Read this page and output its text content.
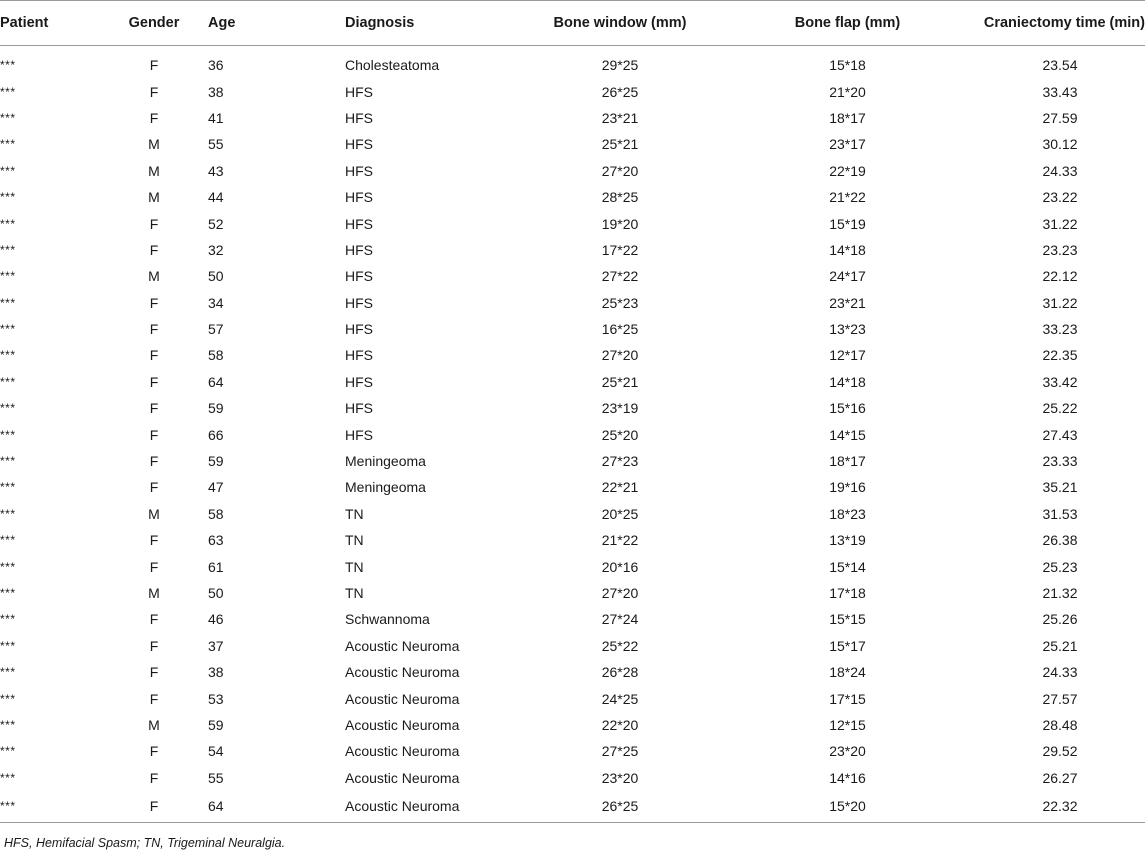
Patient	Gender	Age	Diagnosis	Bone window (mm)	Bone flap (mm)	Craniectomy time (min)
***	F	36	Cholesteatoma	29*25	15*18	23.54
***	F	38	HFS	26*25	21*20	33.43
***	F	41	HFS	23*21	18*17	27.59
***	M	55	HFS	25*21	23*17	30.12
***	M	43	HFS	27*20	22*19	24.33
***	M	44	HFS	28*25	21*22	23.22
***	F	52	HFS	19*20	15*19	31.22
***	F	32	HFS	17*22	14*18	23.23
***	M	50	HFS	27*22	24*17	22.12
***	F	34	HFS	25*23	23*21	31.22
***	F	57	HFS	16*25	13*23	33.23
***	F	58	HFS	27*20	12*17	22.35
***	F	64	HFS	25*21	14*18	33.42
***	F	59	HFS	23*19	15*16	25.22
***	F	66	HFS	25*20	14*15	27.43
***	F	59	Meningeoma	27*23	18*17	23.33
***	F	47	Meningeoma	22*21	19*16	35.21
***	M	58	TN	20*25	18*23	31.53
***	F	63	TN	21*22	13*19	26.38
***	F	61	TN	20*16	15*14	25.23
***	M	50	TN	27*20	17*18	21.32
***	F	46	Schwannoma	27*24	15*15	25.26
***	F	37	Acoustic Neuroma	25*22	15*17	25.21
***	F	38	Acoustic Neuroma	26*28	18*24	24.33
***	F	53	Acoustic Neuroma	24*25	17*15	27.57
***	M	59	Acoustic Neuroma	22*20	12*15	28.48
***	F	54	Acoustic Neuroma	27*25	23*20	29.52
***	F	55	Acoustic Neuroma	23*20	14*16	26.27
***	F	64	Acoustic Neuroma	26*25	15*20	22.32
HFS, Hemifacial Spasm; TN, Trigeminal Neuralgia.
